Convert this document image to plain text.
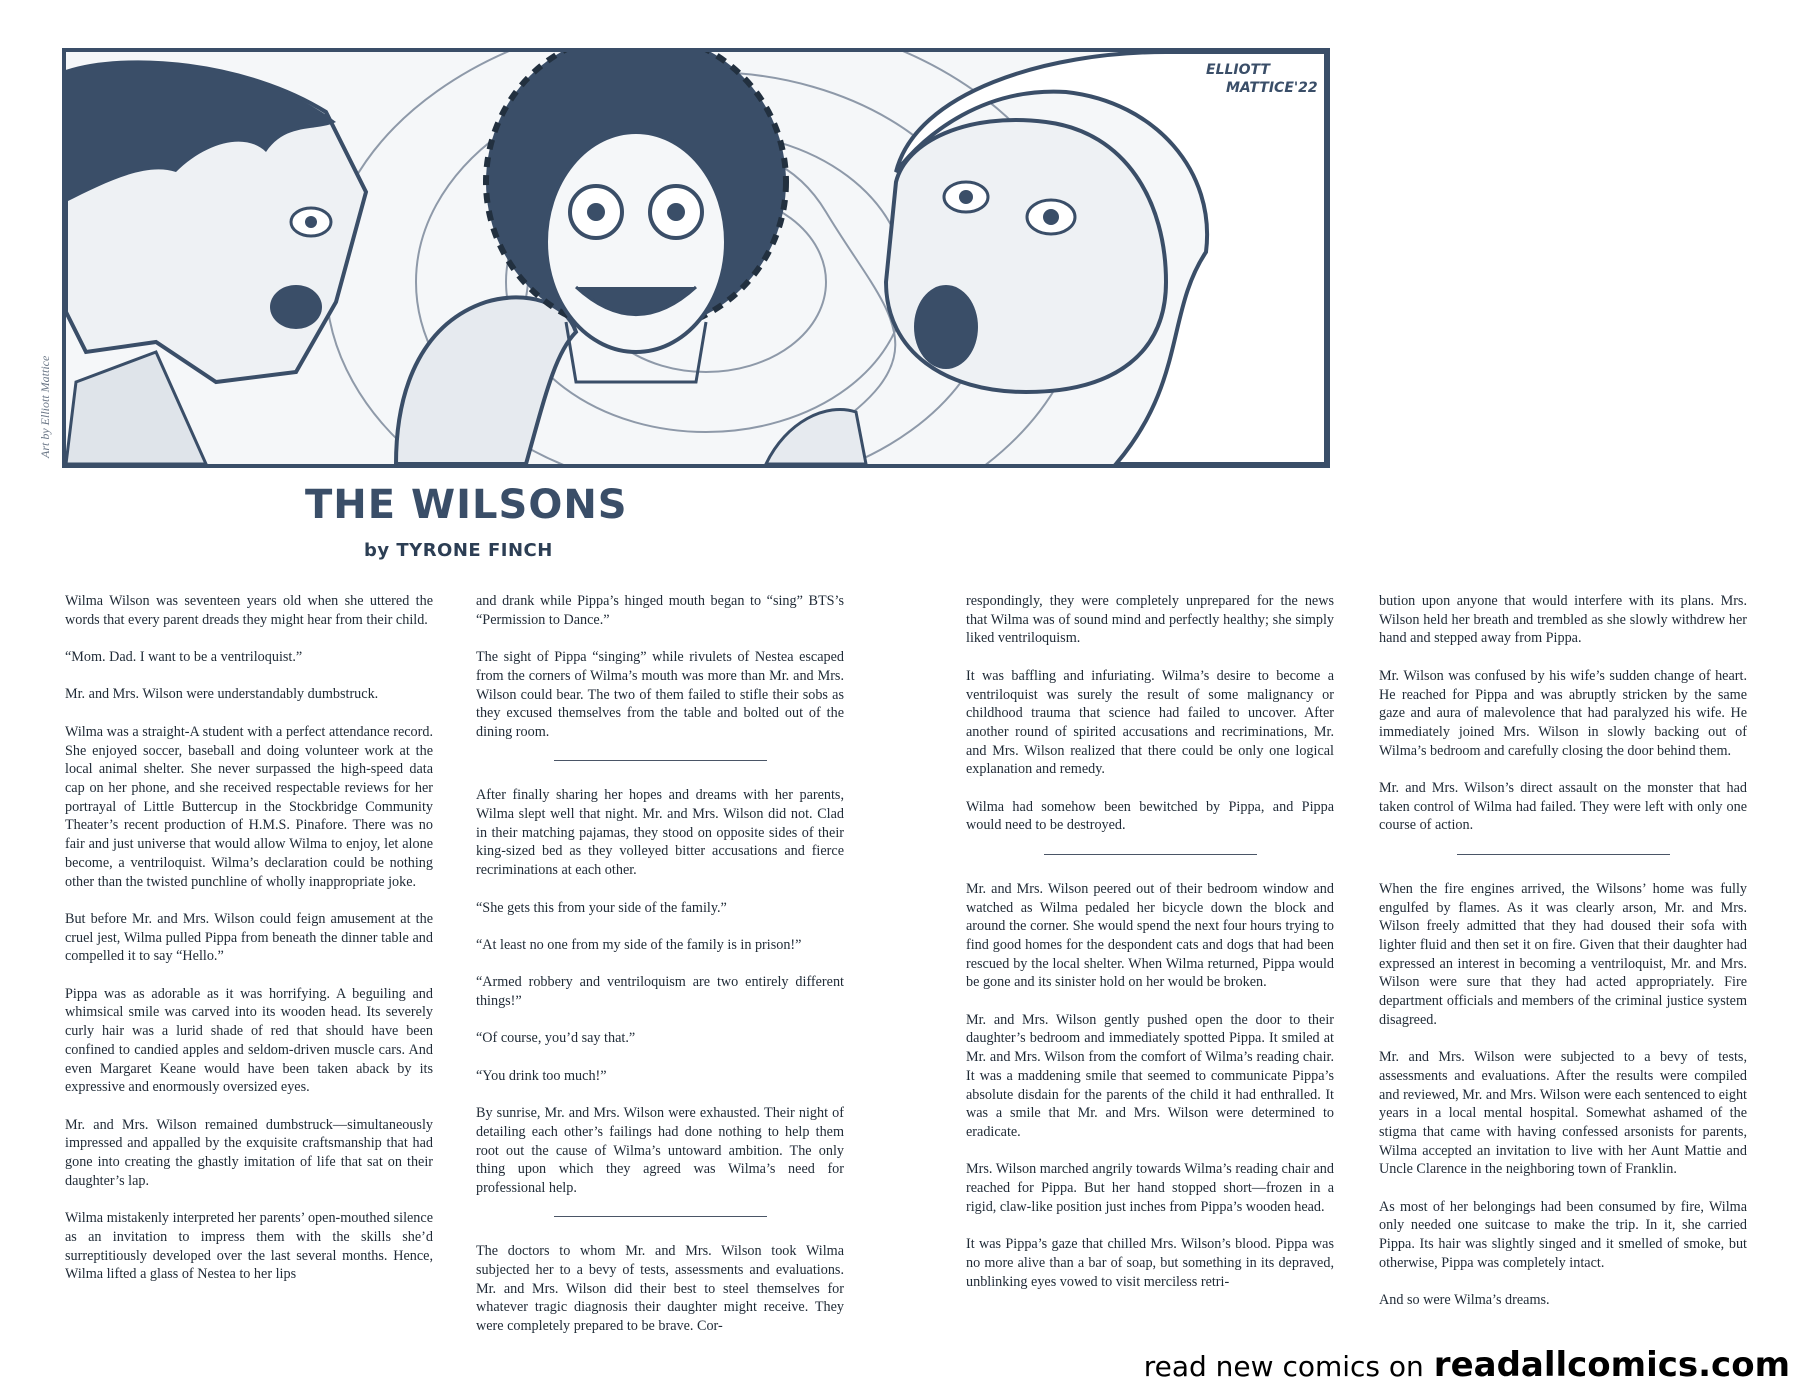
ELLIOTT
MATTICE'22
Art by Elliott Mattice
THE WILSONS
by TYRONE FINCH

Wilma Wilson was seventeen years old when she uttered the words that every parent dreads they might hear from their child.

“Mom. Dad. I want to be a ventriloquist.”

Mr. and Mrs. Wilson were understandably dumbstruck.

Wilma was a straight-A student with a perfect attendance record. She enjoyed soccer, baseball and doing volunteer work at the local animal shelter. She never surpassed the high-speed data cap on her phone, and she received respectable reviews for her portrayal of Little Buttercup in the Stockbridge Community Theater’s recent production of H.M.S. Pinafore. There was no fair and just universe that would allow Wilma to enjoy, let alone become, a ventriloquist. Wilma’s declaration could be nothing other than the twisted punchline of wholly inappropriate joke.

But before Mr. and Mrs. Wilson could feign amusement at the cruel jest, Wilma pulled Pippa from beneath the dinner table and compelled it to say “Hello.”

Pippa was as adorable as it was horrifying. A beguiling and whimsical smile was carved into its wooden head. Its severely curly hair was a lurid shade of red that should have been confined to candied apples and seldom-driven muscle cars. And even Margaret Keane would have been taken aback by its expressive and enormously oversized eyes.

Mr. and Mrs. Wilson remained dumbstruck—simultaneously impressed and appalled by the exquisite craftsmanship that had gone into creating the ghastly imitation of life that sat on their daughter’s lap.

Wilma mistakenly interpreted her parents’ open-mouthed silence as an invitation to impress them with the skills she’d surreptitiously developed over the last several months. Hence, Wilma lifted a glass of Nestea to her lips

and drank while Pippa’s hinged mouth began to “sing” BTS’s “Permission to Dance.”

The sight of Pippa “singing” while rivulets of Nestea escaped from the corners of Wilma’s mouth was more than Mr. and Mrs. Wilson could bear. The two of them failed to stifle their sobs as they excused themselves from the table and bolted out of the dining room.

After finally sharing her hopes and dreams with her parents, Wilma slept well that night. Mr. and Mrs. Wilson did not. Clad in their matching pajamas, they stood on opposite sides of their king-sized bed as they volleyed bitter accusations and fierce recriminations at each other.

“She gets this from your side of the family.”

“At least no one from my side of the family is in prison!”

“Armed robbery and ventriloquism are two entirely different things!”

“Of course, you’d say that.”

“You drink too much!”

By sunrise, Mr. and Mrs. Wilson were exhausted. Their night of detailing each other’s failings had done nothing to help them root out the cause of Wilma’s untoward ambition. The only thing upon which they agreed was Wilma’s need for professional help.

The doctors to whom Mr. and Mrs. Wilson took Wilma subjected her to a bevy of tests, assessments and evaluations. Mr. and Mrs. Wilson did their best to steel themselves for whatever tragic diagnosis their daughter might receive. They were completely prepared to be brave. Cor-

respondingly, they were completely unprepared for the news that Wilma was of sound mind and perfectly healthy; she simply liked ventriloquism.

It was baffling and infuriating. Wilma’s desire to become a ventriloquist was surely the result of some malignancy or childhood trauma that science had failed to uncover. After another round of spirited accusations and recriminations, Mr. and Mrs. Wilson realized that there could be only one logical explanation and remedy.

Wilma had somehow been bewitched by Pippa, and Pippa would need to be destroyed.

Mr. and Mrs. Wilson peered out of their bedroom window and watched as Wilma pedaled her bicycle down the block and around the corner. She would spend the next four hours trying to find good homes for the despondent cats and dogs that had been rescued by the local shelter. When Wilma returned, Pippa would be gone and its sinister hold on her would be broken.

Mr. and Mrs. Wilson gently pushed open the door to their daughter’s bedroom and immediately spotted Pippa. It smiled at Mr. and Mrs. Wilson from the comfort of Wilma’s reading chair. It was a maddening smile that seemed to communicate Pippa’s absolute disdain for the parents of the child it had enthralled. It was a smile that Mr. and Mrs. Wilson were determined to eradicate.

Mrs. Wilson marched angrily towards Wilma’s reading chair and reached for Pippa. But her hand stopped short—frozen in a rigid, claw-like position just inches from Pippa’s wooden head.

It was Pippa’s gaze that chilled Mrs. Wilson’s blood. Pippa was no more alive than a bar of soap, but something in its depraved, unblinking eyes vowed to visit merciless retri-

bution upon anyone that would interfere with its plans. Mrs. Wilson held her breath and trembled as she slowly withdrew her hand and stepped away from Pippa.

Mr. Wilson was confused by his wife’s sudden change of heart. He reached for Pippa and was abruptly stricken by the same gaze and aura of malevolence that had paralyzed his wife. He immediately joined Mrs. Wilson in slowly backing out of Wilma’s bedroom and carefully closing the door behind them.

Mr. and Mrs. Wilson’s direct assault on the monster that had taken control of Wilma had failed. They were left with only one course of action.

When the fire engines arrived, the Wilsons’ home was fully engulfed by flames. As it was clearly arson, Mr. and Mrs. Wilson freely admitted that they had doused their sofa with lighter fluid and then set it on fire. Given that their daughter had expressed an interest in becoming a ventriloquist, Mr. and Mrs. Wilson were sure that they had acted appropriately. Fire department officials and members of the criminal justice system disagreed.

Mr. and Mrs. Wilson were subjected to a bevy of tests, assessments and evaluations. After the results were compiled and reviewed, Mr. and Mrs. Wilson were each sentenced to eight years in a local mental hospital. Somewhat ashamed of the stigma that came with having confessed arsonists for parents, Wilma accepted an invitation to live with her Aunt Mattie and Uncle Clarence in the neighboring town of Franklin.

As most of her belongings had been consumed by fire, Wilma only needed one suitcase to make the trip. In it, she carried Pippa. Its hair was slightly singed and it smelled of smoke, but otherwise, Pippa was completely intact.

And so were Wilma’s dreams.

read new comics on readallcomics.com
